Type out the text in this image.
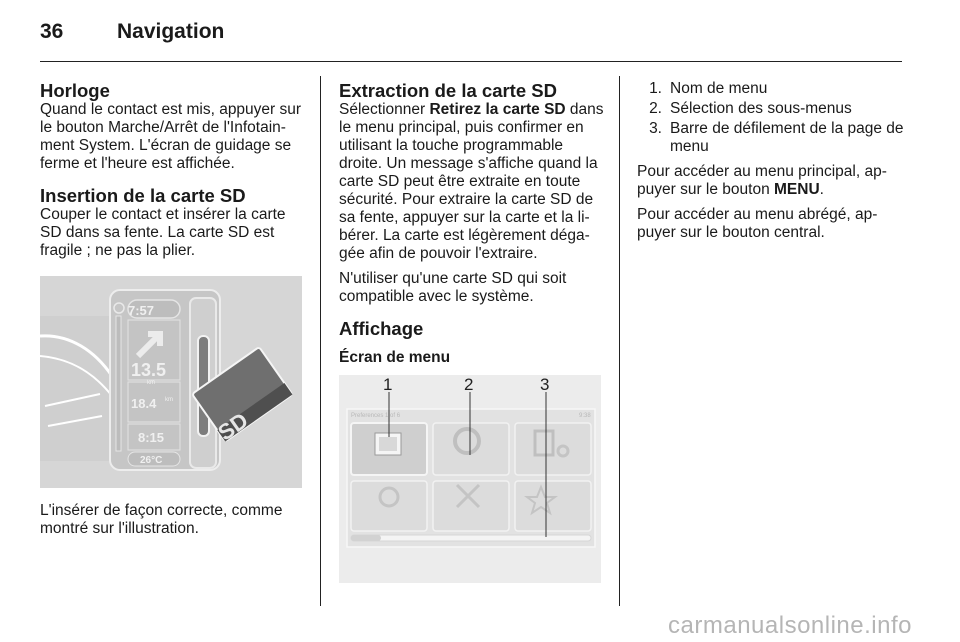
36	Navigation
Horloge

Quand le contact est mis, appuyer sur le bouton Marche/Arrêt de l'Infotain-ment System. L'écran de guidage se ferme et l'heure est affichée.

Insertion de la carte SD

Couper le contact et insérer la carte SD dans sa fente. La carte SD est fragile ; ne pas la plier.

7:57
13.5
km
18.4 km
8:15
26°C
SD

L'insérer de façon correcte, comme montré sur l'illustration.

Extraction de la carte SD

Sélectionner Retirez la carte SD dans le menu principal, puis confirmer en utilisant la touche programmable droite. Un message s'affiche quand la carte SD peut être extraite en toute sécurité. Pour extraire la carte SD de sa fente, appuyer sur la carte et la li-bérer. La carte est légèrement déga-gée afin de pouvoir l'extraire.

N'utiliser qu'une carte SD qui soit compatible avec le système.

Affichage
Écran de menu
Preferences 1 of 6	9:38
1	2	3
1. Nom de menu
2. Sélection des sous-menus
3. Barre de défilement de la page de menu

Pour accéder au menu principal, ap-puyer sur le bouton MENU.

Pour accéder au menu abrégé, ap-puyer sur le bouton central.

carmanualsonline.info
